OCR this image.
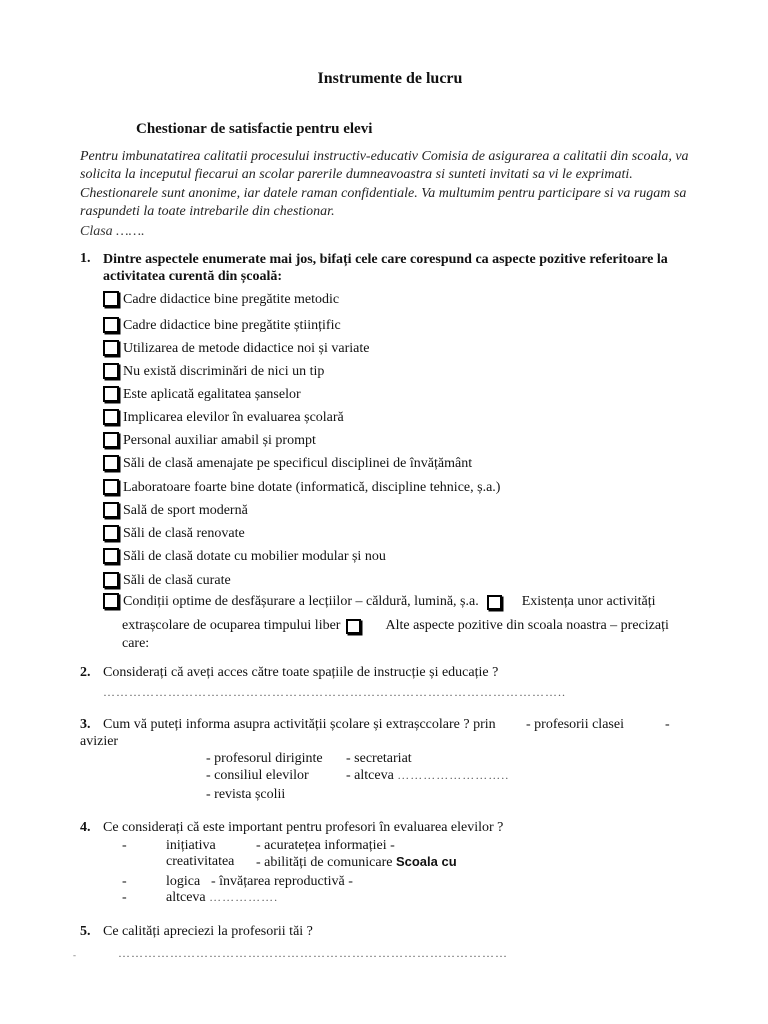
Instrumente de lucru
Chestionar de satisfactie pentru elevi
Pentru imbunatatirea calitatii procesului instructiv-educativ Comisia de asigurarea a calitatii din scoala, va solicita la inceputul fiecarui an scolar parerile dumneavoastra si sunteti invitati sa vi le exprimati. Chestionarele sunt anonime, iar datele raman confidentiale. Va multumim pentru participare si va rugam sa raspundeti la toate intrebarile din chestionar.
Clasa …….
1. Dintre aspectele enumerate mai jos, bifați cele care corespund ca aspecte pozitive referitoare la activitatea curentă din școală:
Cadre didactice bine pregătite metodic
Cadre didactice bine pregătite științific
Utilizarea de metode didactice noi și variate
Nu există discriminări de nici un tip
Este aplicată egalitatea șanselor
Implicarea elevilor în evaluarea școlară
Personal auxiliar amabil și prompt
Săli de clasă amenajate pe specificul disciplinei de învățământ
Laboratoare foarte bine dotate (informatică, discipline tehnice, ș.a.)
Sală de sport modernă
Săli de clasă renovate
Săli de clasă dotate cu mobilier modular și nou
Săli de clasă curate
Condiții optime de desfășurare a lecțiilor – căldură, lumină, ș.a.	Existența unor activități
extrașcolare de ocuparea timpului liber	Alte aspecte pozitive din scoala noastra – precizați
care:
2. Considerați că aveți acces către toate spațiile de instrucție și educație ?
……………………………………………………………………………………………..
3. Cum vă puteți informa asupra activității școlare și extrașccolare ? prin - profesorii clasei	-
avizier
- profesorul diriginte - secretariat
- consiliul elevilor	- altceva ……………………..
- revista școlii
4. Ce considerați că este important pentru profesori în evaluarea elevilor ?
-	inițiativa	- acuratețea informației -
creativitatea - abilități de comunicare Scoala cu
-	logica - învățarea reproductivă -
-	altceva …………….
5. Ce calități apreciezi la profesorii tăi ?
………………………………………………………………………………
-
